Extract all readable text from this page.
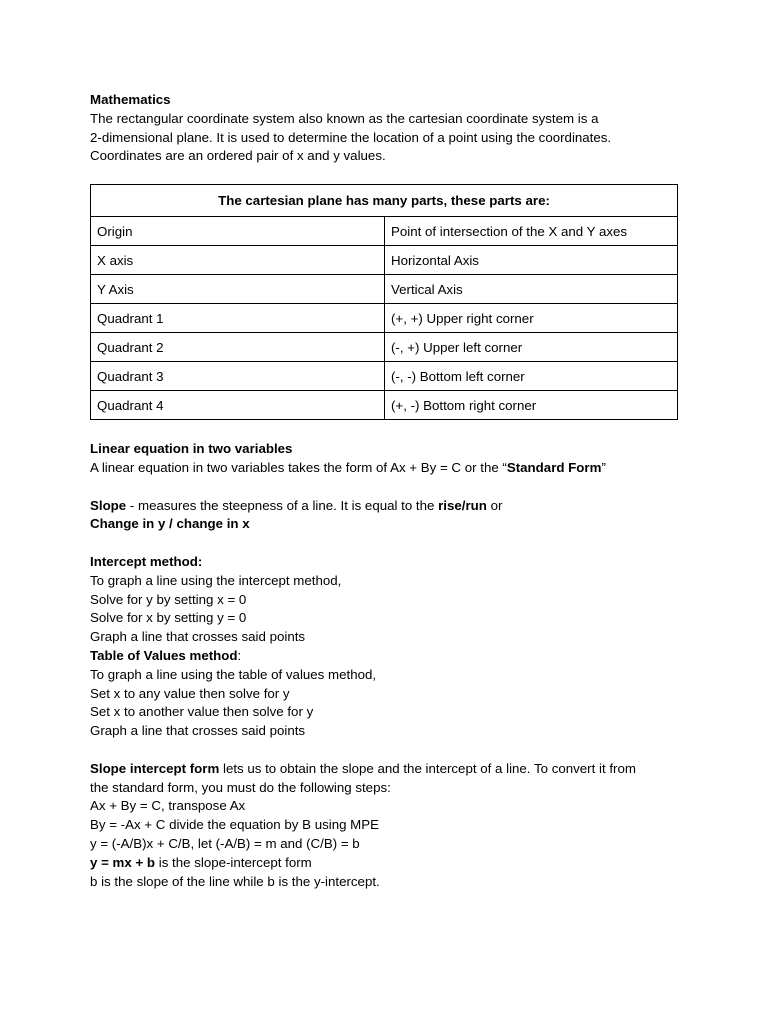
Mathematics
The rectangular coordinate system also known as the cartesian coordinate system is a
2-dimensional plane. It is used to determine the location of a point using the coordinates.
Coordinates are an ordered pair of x and y values.
The cartesian plane has many parts, these parts are:	
Origin	Point of intersection of the X and Y axes
X axis	Horizontal Axis
Y Axis	Vertical Axis
Quadrant 1	(+, +) Upper right corner
Quadrant 2	(-, +) Upper left corner
Quadrant 3	(-, -) Bottom left corner
Quadrant 4	(+, -) Bottom right corner
Linear equation in two variables
A linear equation in two variables takes the form of Ax + By = C or the “Standard Form”
Slope - measures the steepness of a line. It is equal to the rise/run or
Change in y / change in x
Intercept method:
To graph a line using the intercept method,
Solve for y by setting x = 0
Solve for x by setting y = 0
Graph a line that crosses said points
Table of Values method:
To graph a line using the table of values method,
Set x to any value then solve for y
Set x to another value then solve for y
Graph a line that crosses said points
Slope intercept form lets us to obtain the slope and the intercept of a line. To convert it from
the standard form, you must do the following steps:
Ax + By = C, transpose Ax
By = -Ax + C divide the equation by B using MPE
y = (-A/B)x + C/B, let (-A/B) = m and (C/B) = b
y = mx + b is the slope-intercept form
b is the slope of the line while b is the y-intercept.
